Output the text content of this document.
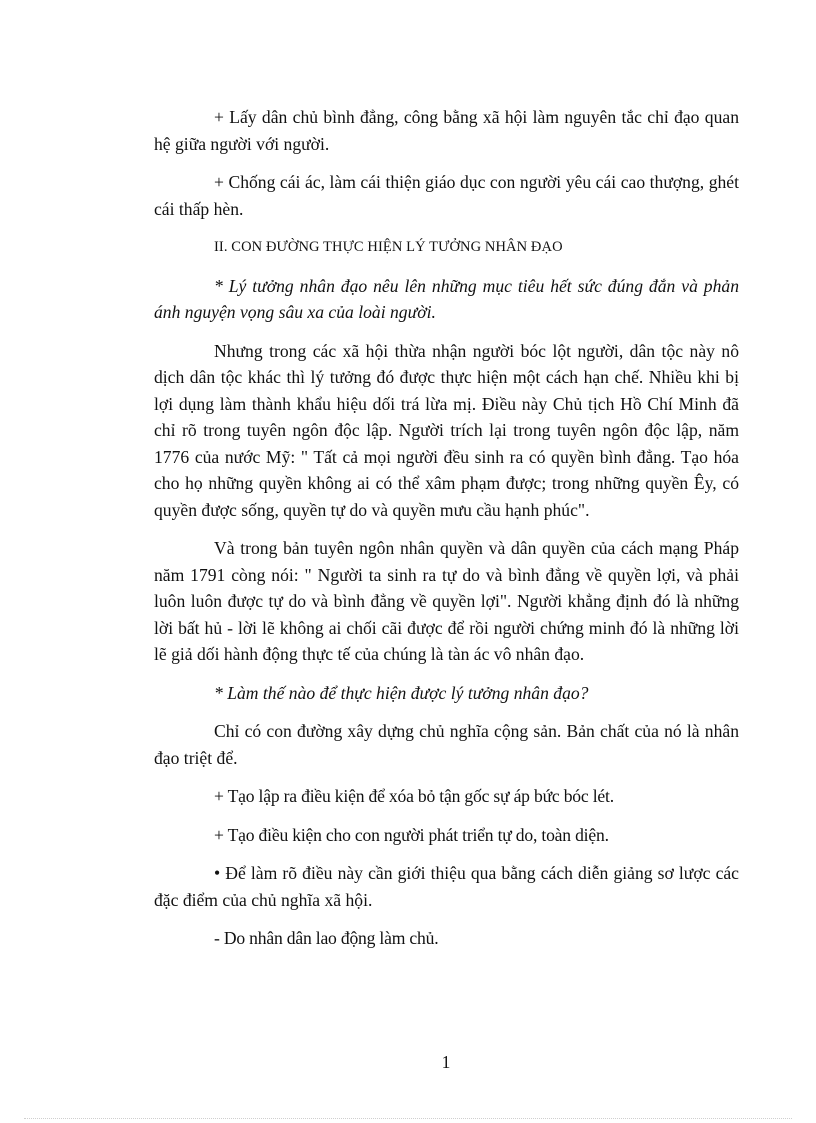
+ Lấy dân chủ bình đẳng, công bằng xã hội làm nguyên tắc chỉ đạo quan hệ giữa người với người.

+ Chống cái ác, làm cái thiện giáo dục con người yêu cái cao thượng, ghét cái thấp hèn.

II. CON ĐƯỜNG THỰC HIỆN LÝ TƯỞNG NHÂN ĐẠO

* Lý tưởng nhân đạo nêu lên những mục tiêu hết sức đúng đắn và phản ánh nguyện vọng sâu xa của loài người.

Nhưng trong các xã hội thừa nhận người bóc lột người, dân tộc này nô dịch dân tộc khác thì lý tưởng đó được thực hiện một cách hạn chế. Nhiều khi bị lợi dụng làm thành khẩu hiệu dối trá lừa mị. Điều này Chủ tịch Hồ Chí Minh đã chỉ rõ trong tuyên ngôn độc lập. Người trích lại trong tuyên ngôn độc lập, năm 1776 của nước Mỹ: " Tất cả mọi người đều sinh ra có quyền bình đẳng. Tạo hóa cho họ những quyền không ai có thể xâm phạm được; trong những quyền Êy, có quyền được sống, quyền tự do và quyền mưu cầu hạnh phúc".

Và trong bản tuyên ngôn nhân quyền và dân quyền của cách mạng Pháp năm 1791 còng nói: " Người ta sinh ra tự do và bình đẳng về quyền lợi, và phải luôn luôn được tự do và bình đẳng về quyền lợi". Người khẳng định đó là những lời bất hủ - lời lẽ không ai chối cãi được để rồi người chứng minh đó là những lời lẽ giả dối hành động thực tế của chúng là tàn ác vô nhân đạo.

* Làm thế nào để thực hiện được lý tưởng nhân đạo?

Chỉ có con đường xây dựng chủ nghĩa cộng sản. Bản chất của nó là nhân đạo triệt để.

+ Tạo lập ra điều kiện để xóa bỏ tận gốc sự áp bức bóc lét.

+ Tạo điều kiện cho con người phát triển tự do, toàn diện.

• Để làm rõ điều này cần giới thiệu qua bằng cách diễn giảng sơ lược các đặc điểm của chủ nghĩa xã hội.

- Do nhân dân lao động làm chủ.

1
